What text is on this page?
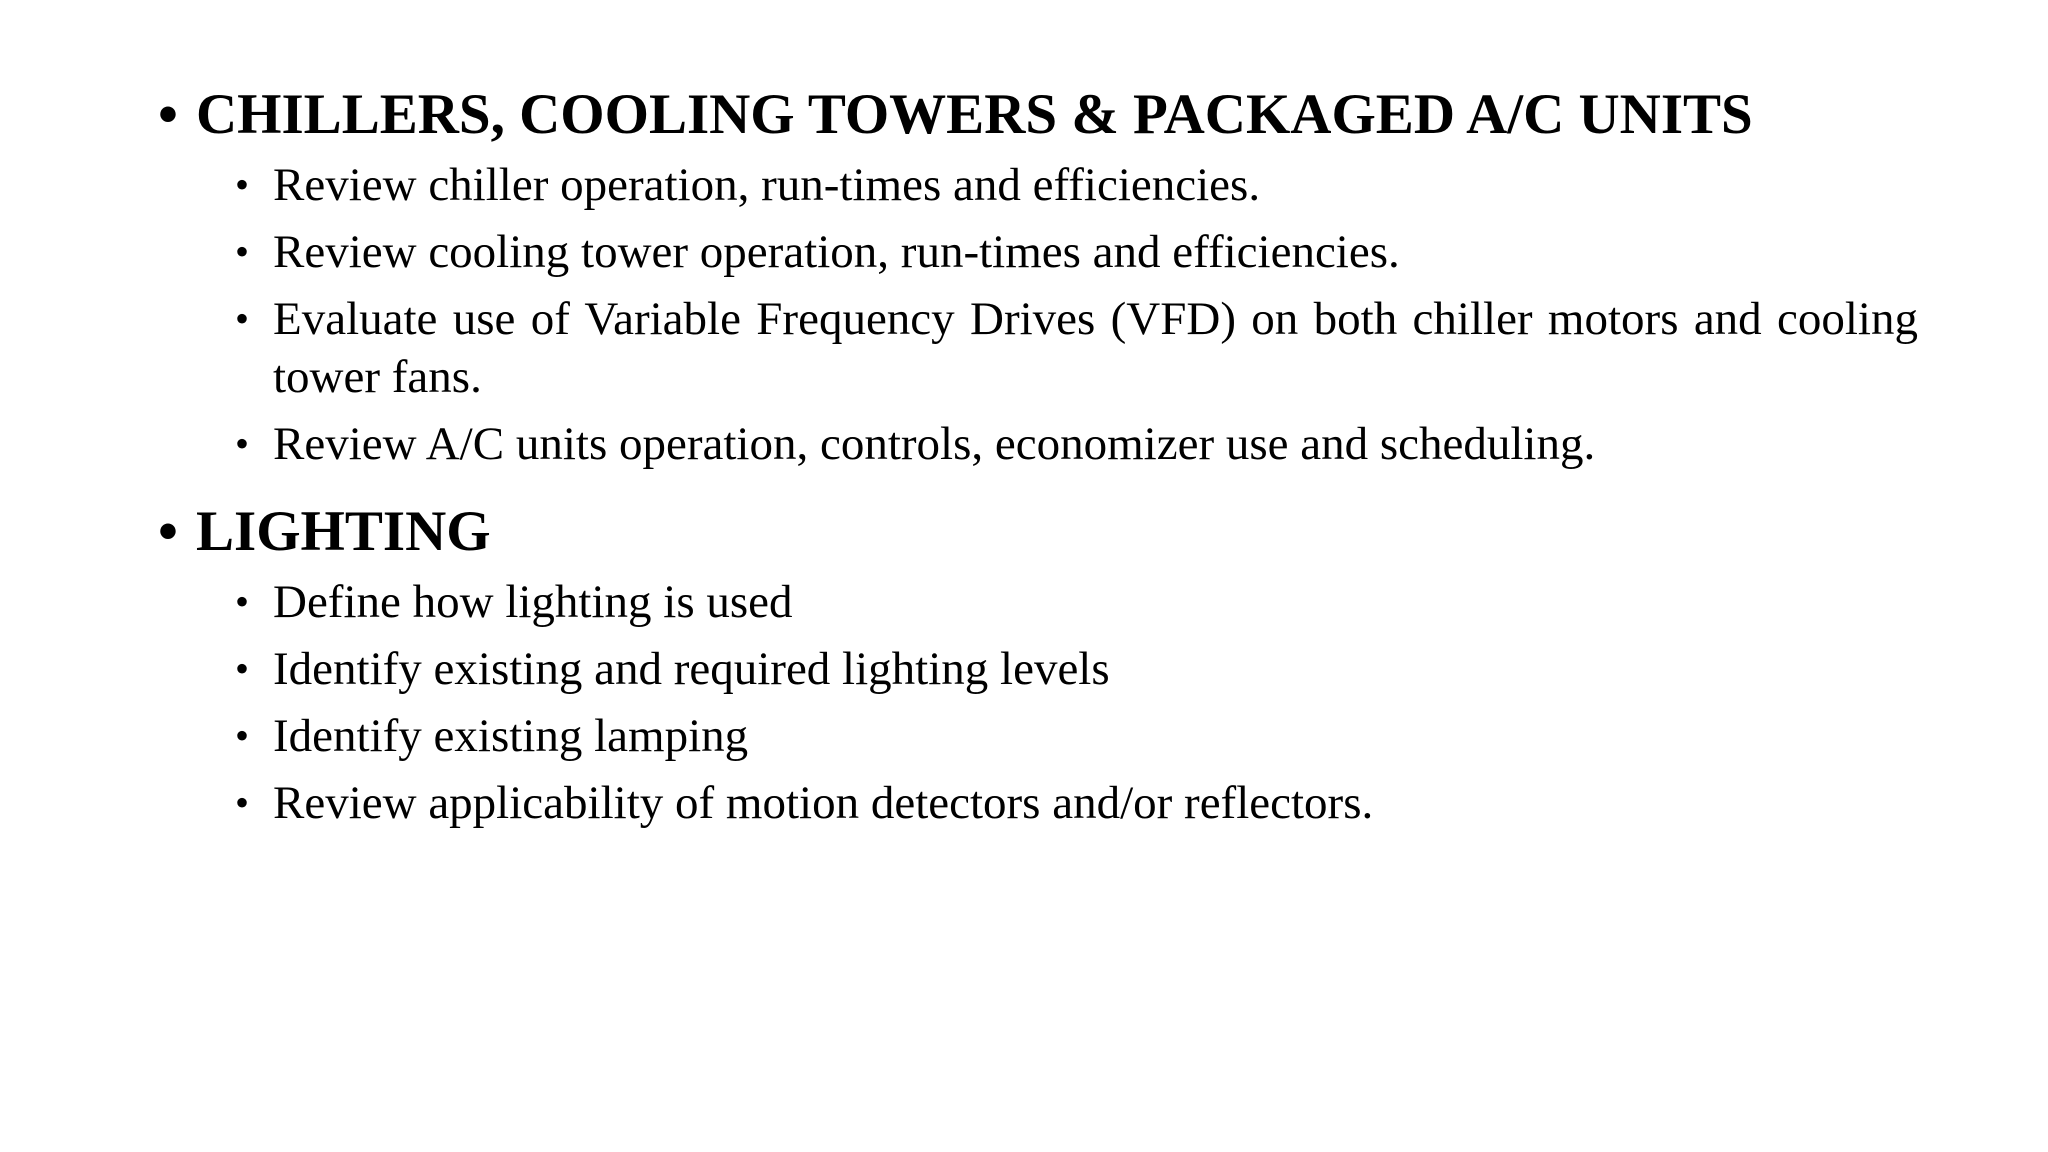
• CHILLERS, COOLING TOWERS & PACKAGED A/C UNITS
• Review chiller operation, run-times and efficiencies.
• Review cooling tower operation, run-times and efficiencies.
• Evaluate use of Variable Frequency Drives (VFD) on both chiller motors and cooling tower fans.
• Review A/C units operation, controls, economizer use and scheduling.
• LIGHTING
• Define how lighting is used
• Identify existing and required lighting levels
• Identify existing lamping
• Review applicability of motion detectors and/or reflectors.
